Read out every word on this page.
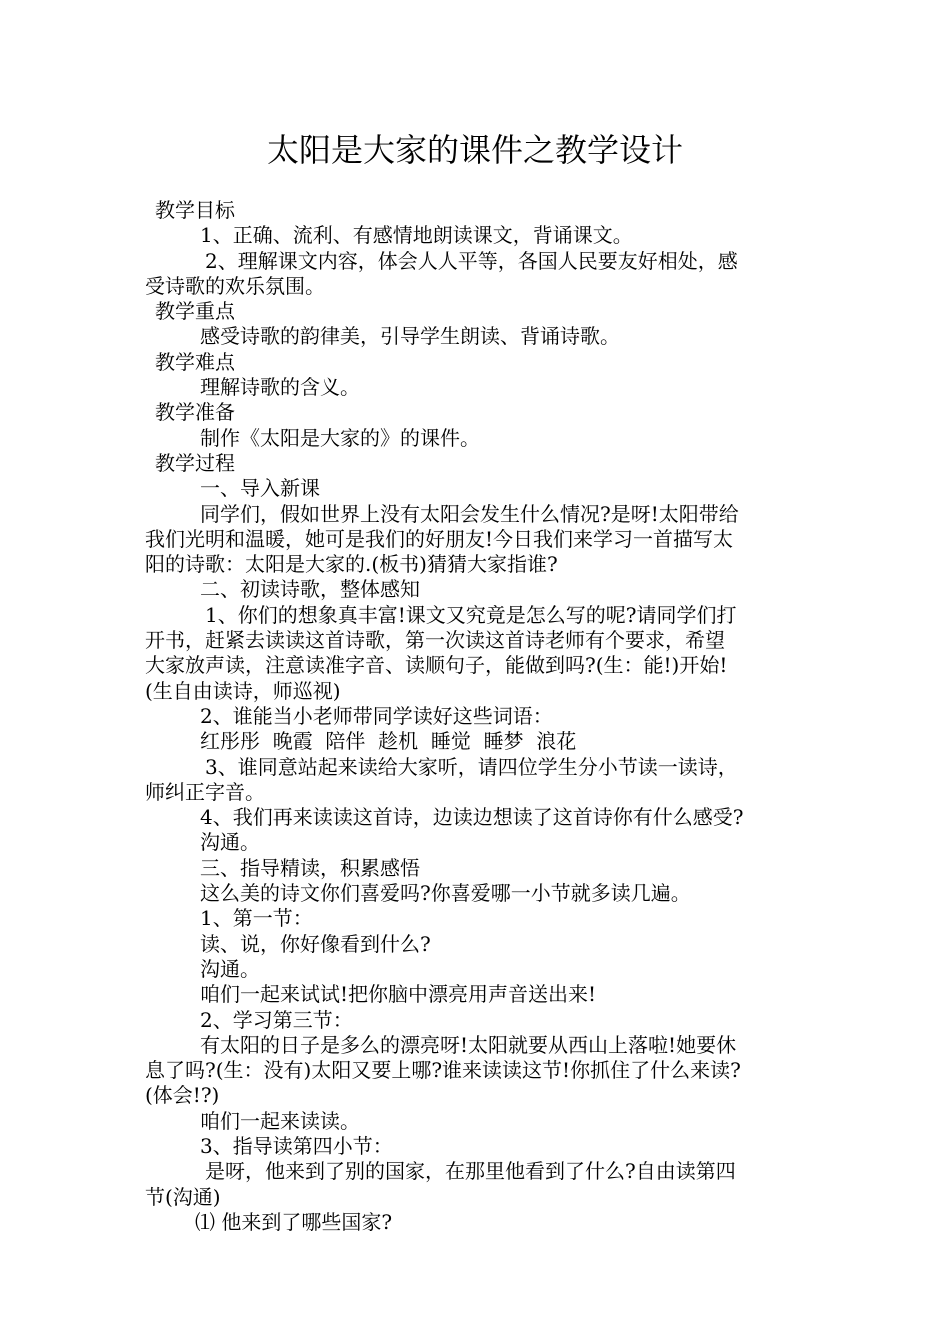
太阳是大家的课件之教学设计
教学目标
1、正确、流利、有感情地朗读课文，背诵课文。
2、理解课文内容，体会人人平等，各国人民要友好相处，感
受诗歌的欢乐氛围。
教学重点
感受诗歌的韵律美，引导学生朗读、背诵诗歌。
教学难点
理解诗歌的含义。
教学准备
制作《太阳是大家的》的课件。
教学过程
一、导入新课
同学们，假如世界上没有太阳会发生什么情况?是呀!太阳带给
我们光明和温暖，她可是我们的好朋友!今日我们来学习一首描写太
阳的诗歌：太阳是大家的.(板书)猜猜大家指谁?
二、初读诗歌，整体感知
1、你们的想象真丰富!课文又究竟是怎么写的呢?请同学们打
开书，赶紧去读读这首诗歌，第一次读这首诗老师有个要求，希望
大家放声读，注意读准字音、读顺句子，能做到吗?(生：能!)开始!
(生自由读诗，师巡视)
2、谁能当小老师带同学读好这些词语：
红彤彤  晚霞  陪伴  趁机  睡觉  睡梦  浪花
3、谁同意站起来读给大家听，请四位学生分小节读一读诗，
师纠正字音。
4、我们再来读读这首诗，边读边想读了这首诗你有什么感受?
沟通。
三、指导精读，积累感悟
这么美的诗文你们喜爱吗?你喜爱哪一小节就多读几遍。
1、第一节：
读、说，你好像看到什么?
沟通。
咱们一起来试试!把你脑中漂亮用声音送出来!
2、学习第三节：
有太阳的日子是多么的漂亮呀!太阳就要从西山上落啦!她要休
息了吗?(生：没有)太阳又要上哪?谁来读读这节!你抓住了什么来读?
(体会!?)
咱们一起来读读。
3、指导读第四小节：
是呀，他来到了别的国家，在那里他看到了什么?自由读第四
节(沟通)
⑴ 他来到了哪些国家?
